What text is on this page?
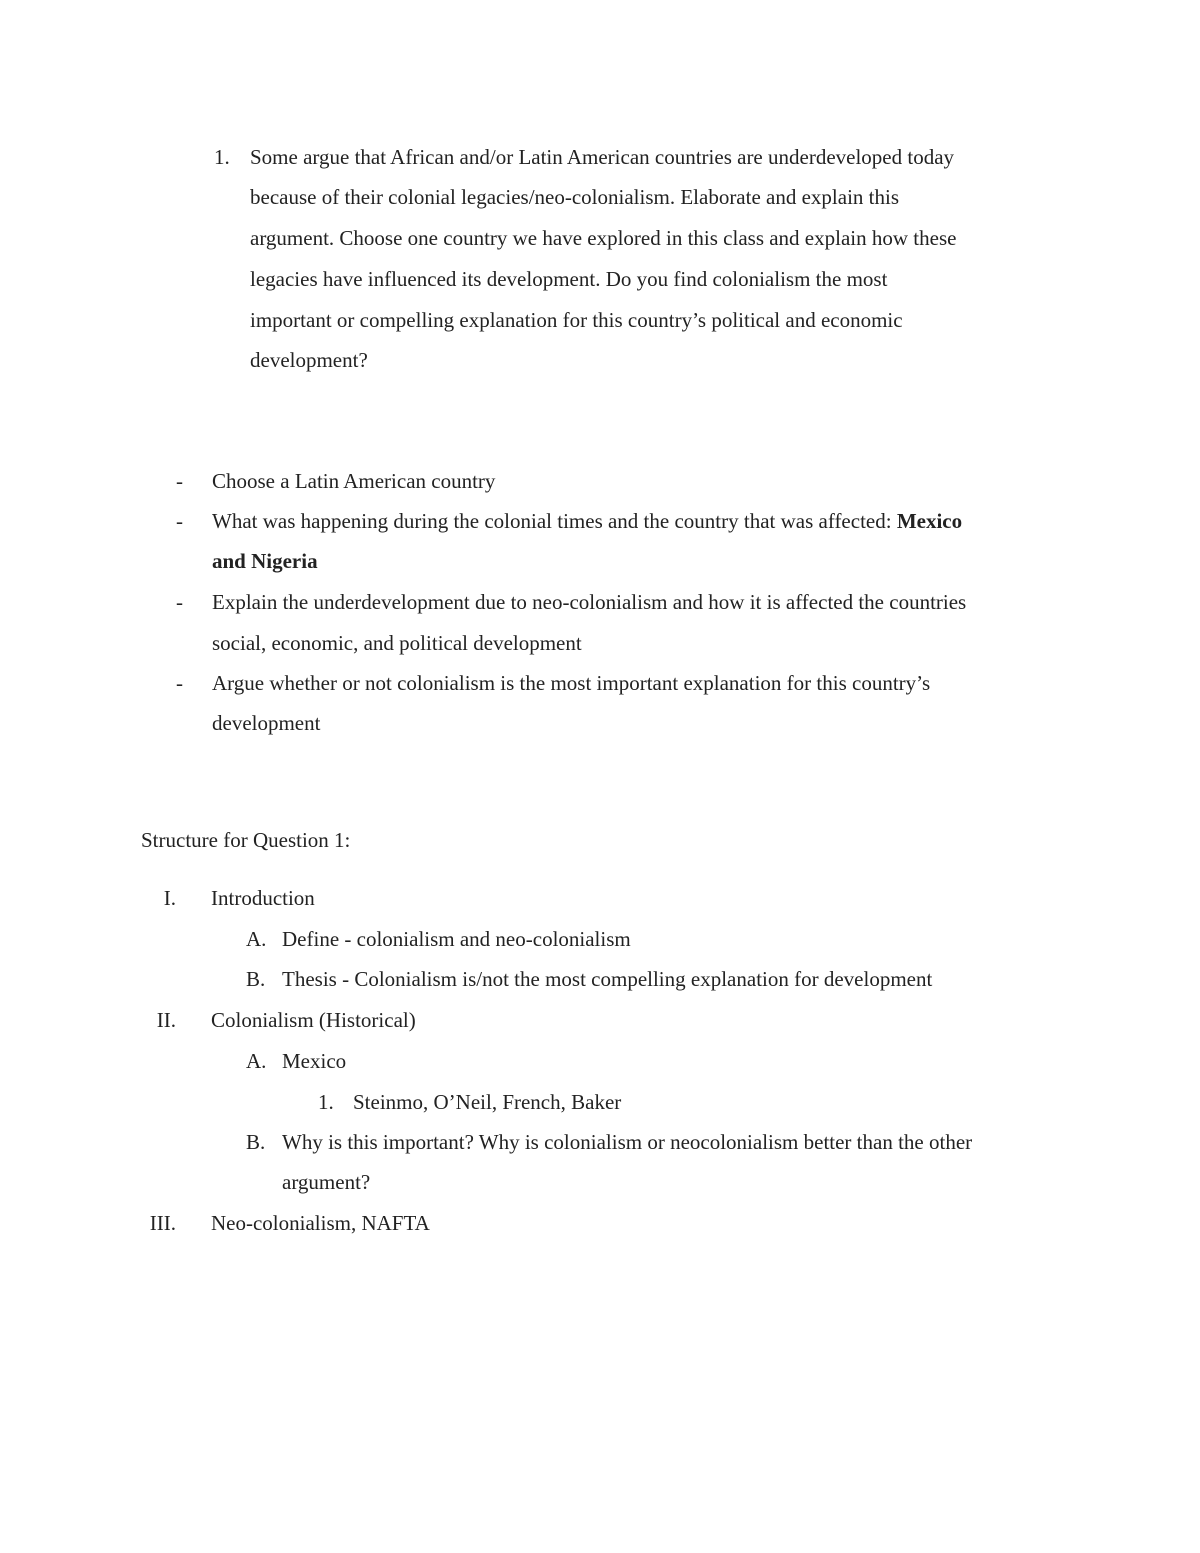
1. Some argue that African and/or Latin American countries are underdeveloped today
because of their colonial legacies/neo-colonialism. Elaborate and explain this
argument. Choose one country we have explored in this class and explain how these
legacies have influenced its development. Do you find colonialism the most
important or compelling explanation for this country’s political and economic
development?
- Choose a Latin American country
- What was happening during the colonial times and the country that was affected: Mexico
and Nigeria
- Explain the underdevelopment due to neo-colonialism and how it is affected the countries
social, economic, and political development
- Argue whether or not colonialism is the most important explanation for this country’s
development
Structure for Question 1:
I. Introduction
A. Define - colonialism and neo-colonialism
B. Thesis - Colonialism is/not the most compelling explanation for development
II. Colonialism (Historical)
A. Mexico
1. Steinmo, O’Neil, French, Baker
B. Why is this important? Why is colonialism or neocolonialism better than the other
argument?
III. Neo-colonialism, NAFTA
